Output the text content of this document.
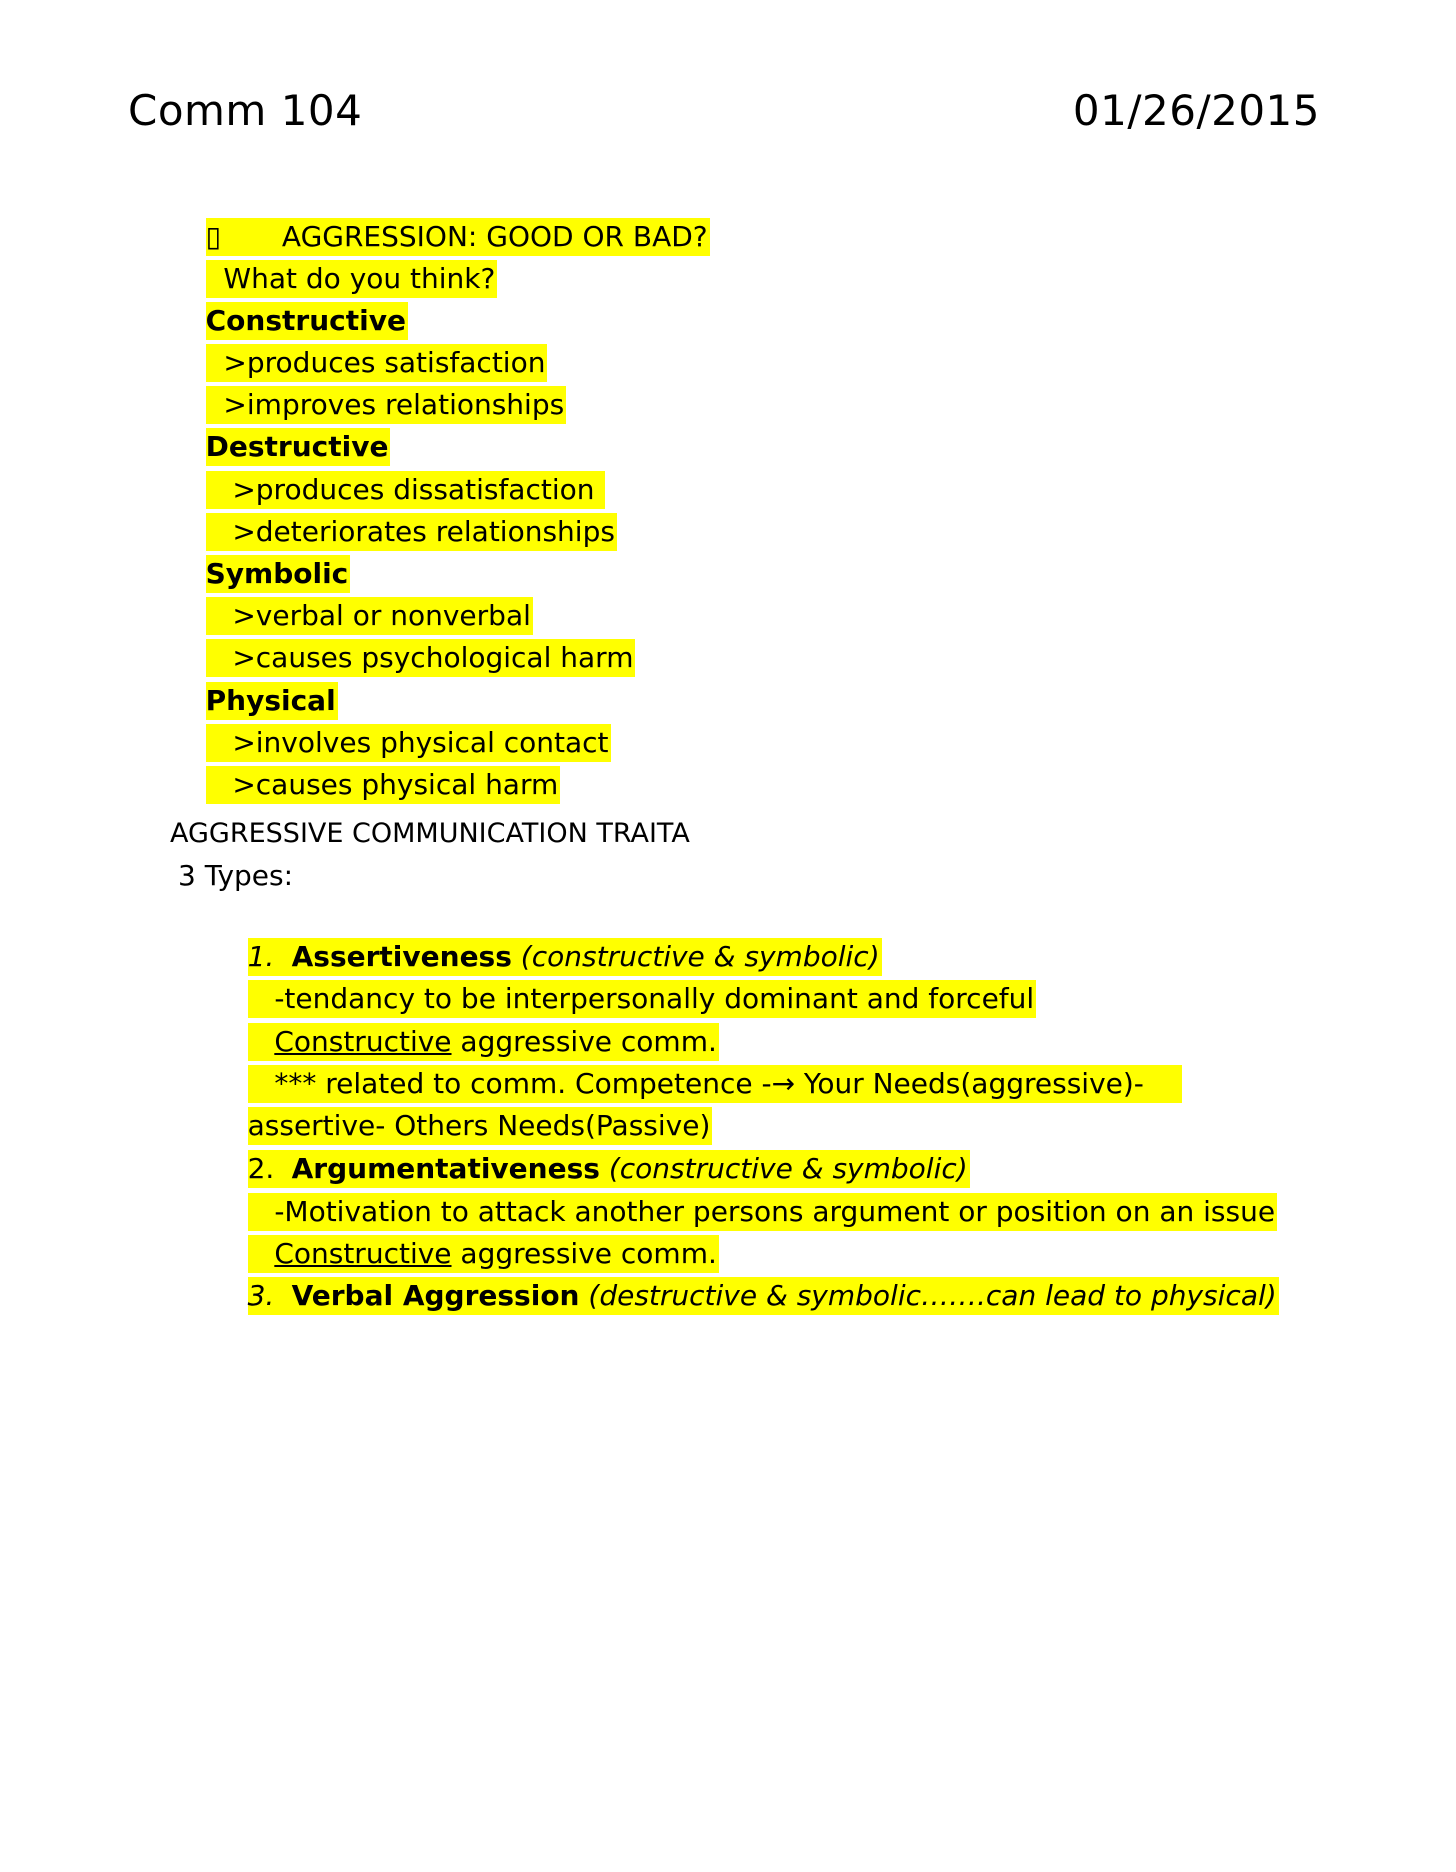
Comm 104	01/26/2015

▯ AGGRESSION: GOOD OR BAD?

What do you think?

Constructive

>produces satisfaction

>improves relationships

Destructive

>produces dissatisfaction

>deteriorates relationships

Symbolic

>verbal or nonverbal

>causes psychological harm

Physical

>involves physical contact

>causes physical harm

AGGRESSIVE COMMUNICATION TRAITA
3 Types:

1. Assertiveness (constructive & symbolic)

-tendancy to be interpersonally dominant and forceful

Constructive aggressive comm.

*** related to comm. Competence -→ Your Needs(aggressive)-

assertive- Others Needs(Passive)

2. Argumentativeness (constructive & symbolic)

-Motivation to attack another persons argument or position on an issue

Constructive aggressive comm.

3. Verbal Aggression (destructive & symbolic…….can lead to physical)
